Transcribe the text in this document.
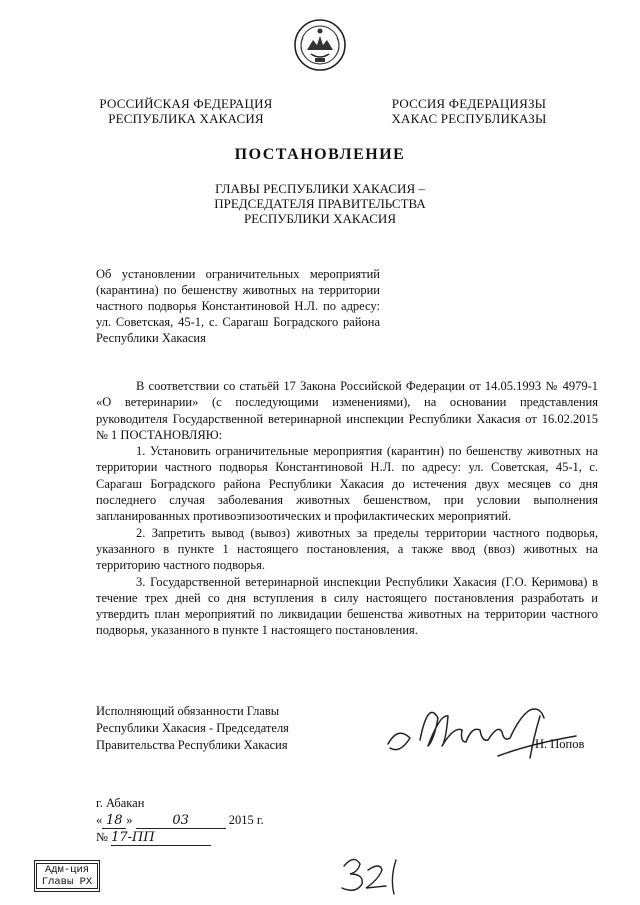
РОССИЙСКАЯ ФЕДЕРАЦИЯ
РЕСПУБЛИКА ХАКАСИЯ
РОССИЯ ФЕДЕРАЦИЯЗЫ
ХАКАС РЕСПУБЛИКАЗЫ
ПОСТАНОВЛЕНИЕ
ГЛАВЫ РЕСПУБЛИКИ ХАКАСИЯ –
ПРЕДСЕДАТЕЛЯ ПРАВИТЕЛЬСТВА
РЕСПУБЛИКИ ХАКАСИЯ
Об установлении ограничительных мероприятий (карантина) по бешенству животных на территории частного подворья Константиновой Н.Л. по адресу: ул. Советская, 45-1, с. Сарагаш Боградского района Республики Хакасия

В соответствии со статьёй 17 Закона Российской Федерации от 14.05.1993 № 4979-1 «О ветеринарии» (с последующими изменениями), на основании представления руководителя Государственной ветеринарной инспекции Республики Хакасия от 16.02.2015 № 1 ПОСТАНОВЛЯЮ:

1. Установить ограничительные мероприятия (карантин) по бешенству животных на территории частного подворья Константиновой Н.Л. по адресу: ул. Советская, 45-1, с. Сарагаш Боградского района Республики Хакасия до истечения двух месяцев со дня последнего случая заболевания животных бешенством, при условии выполнения запланированных противоэпизоотических и профилактических мероприятий.

2. Запретить вывод (вывоз) животных за пределы территории частного подворья, указанного в пункте 1 настоящего постановления, а также ввод (ввоз) животных на территорию частного подворья.

3. Государственной ветеринарной инспекции Республики Хакасия (Г.О. Керимова) в течение трех дней со дня вступления в силу настоящего постановления разработать и утвердить план мероприятий по ликвидации бешенства животных на территории частного подворья, указанного в пункте 1 настоящего постановления.

Исполняющий обязанности Главы
Республики Хакасия - Председателя
Правительства Республики Хакасия	Н. Попов
г. Абакан
« 18 »	03	2015 г.
№ 17-ПП
Адм-ция
Главы РХ
